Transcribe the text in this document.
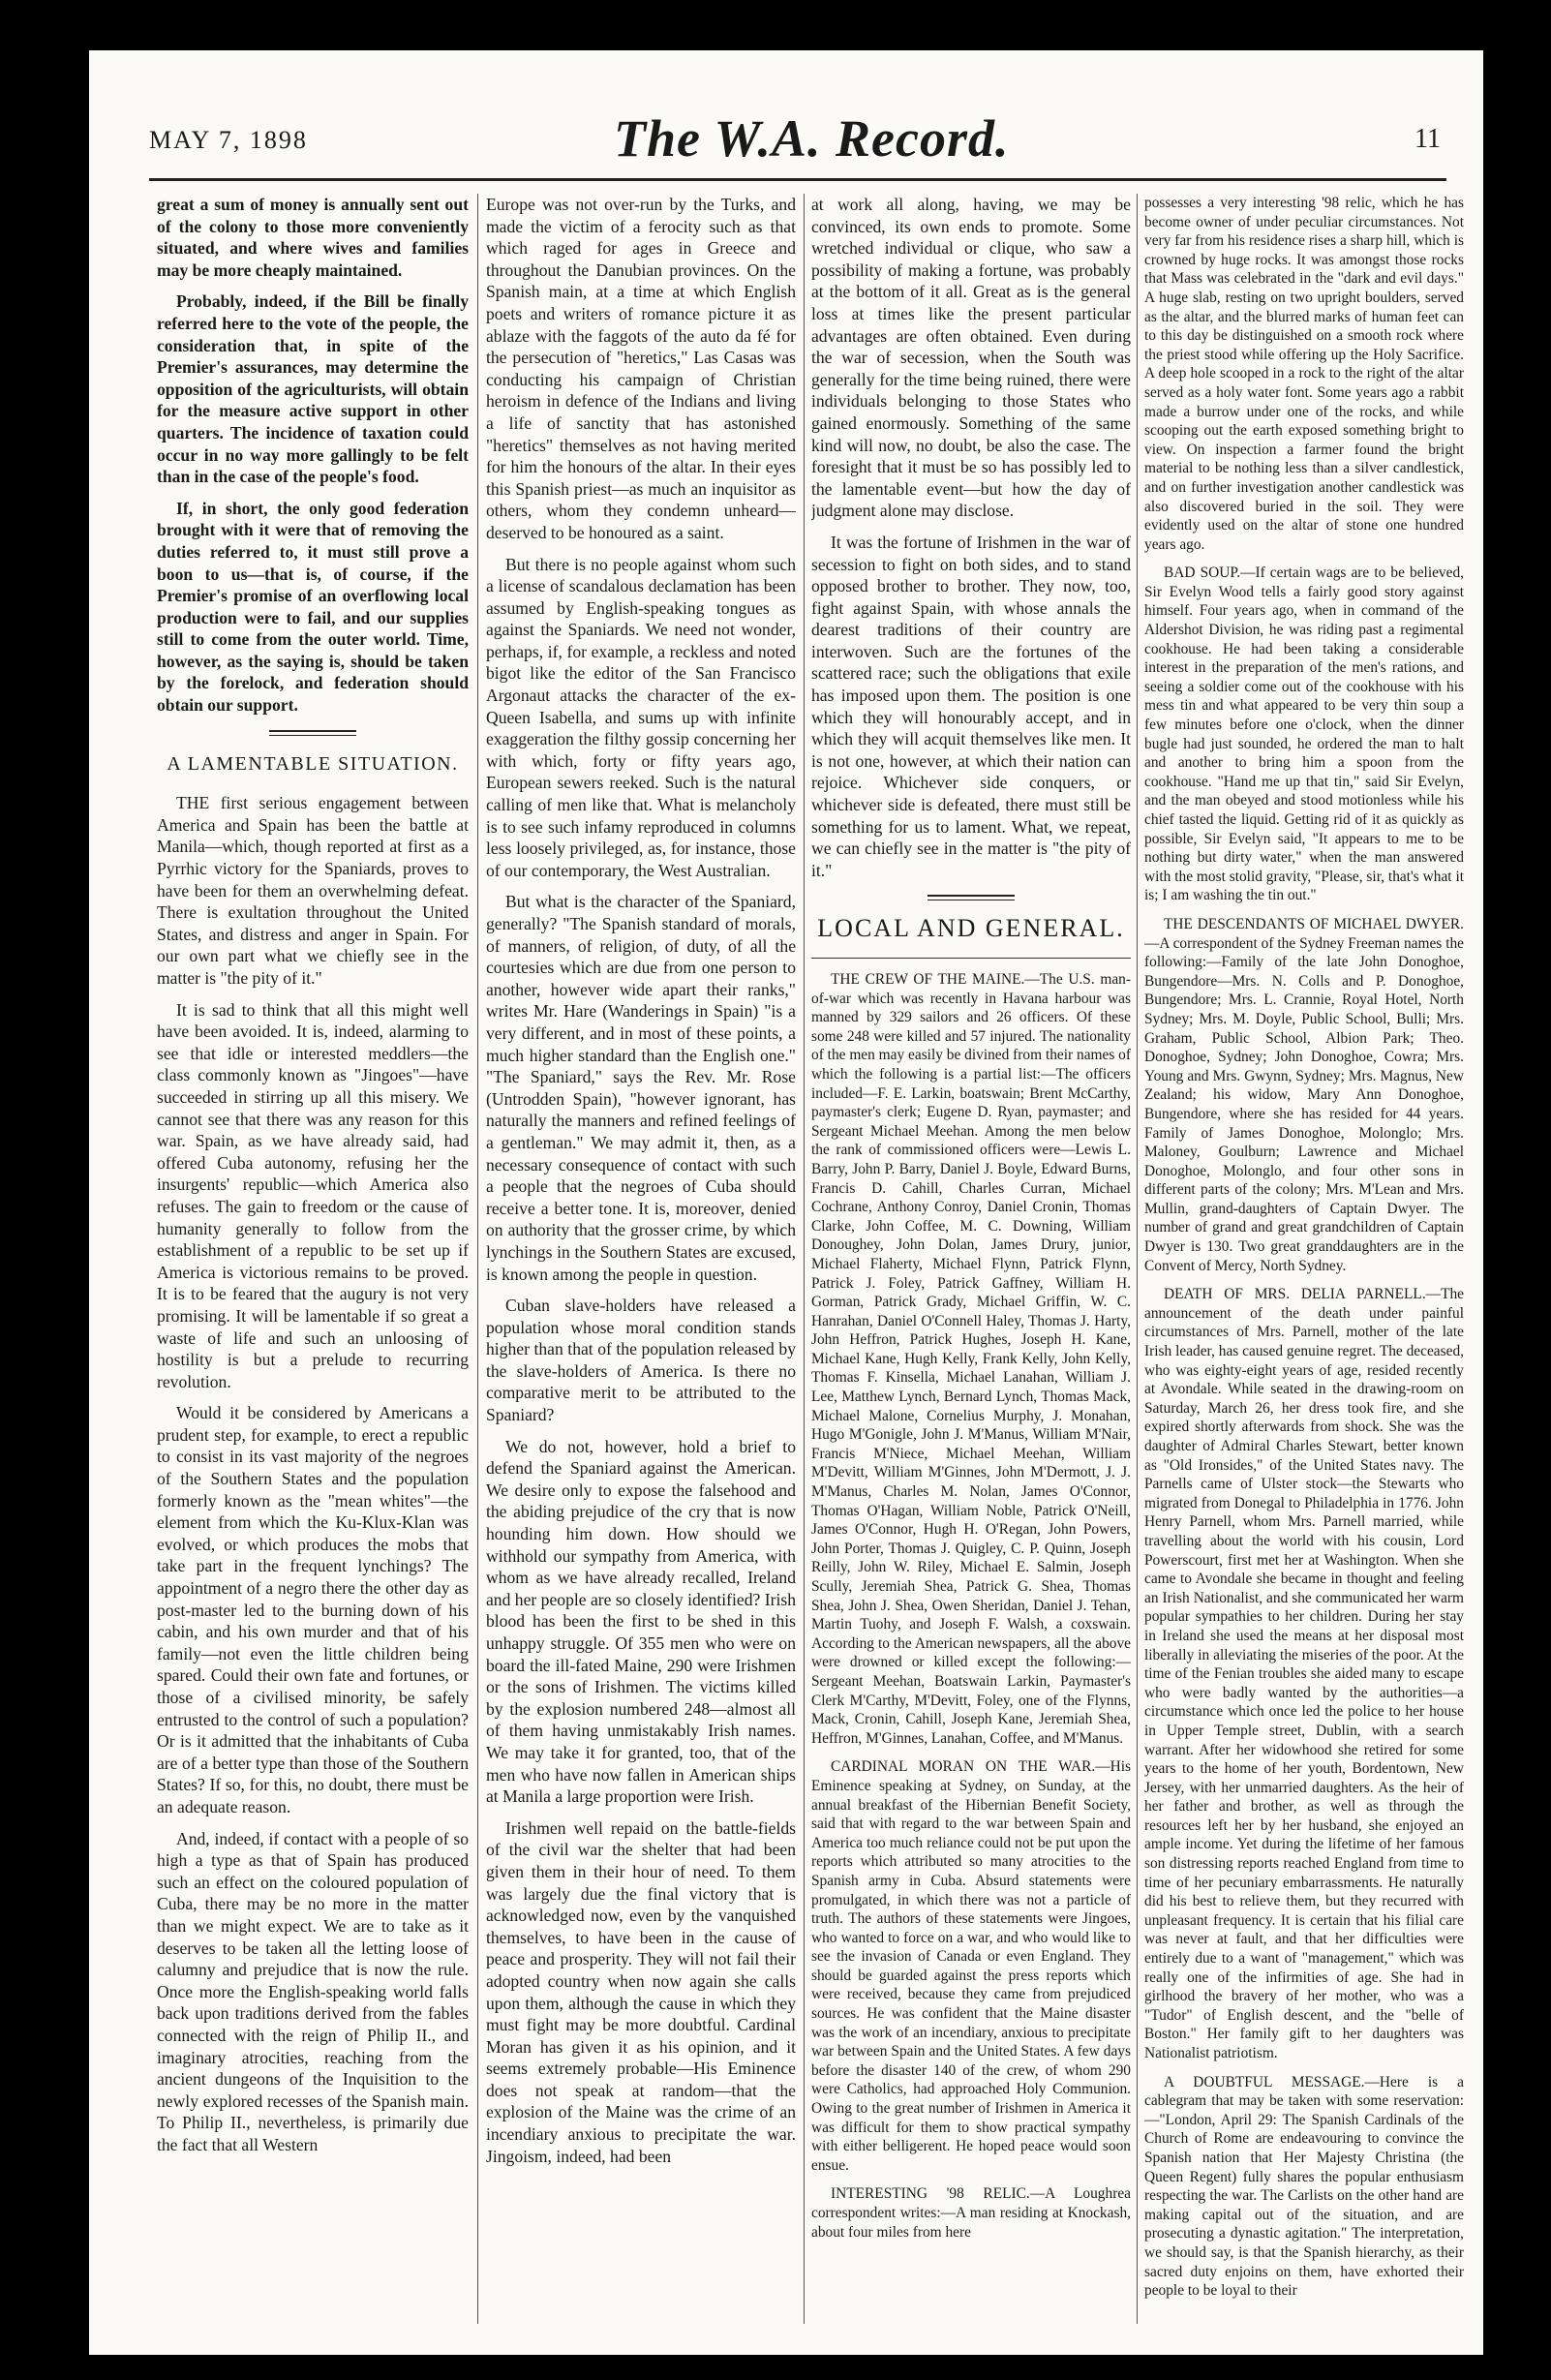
MAY 7, 1898	The W.A. Record.	11

great a sum of money is annually sent out of the colony to those more conveniently situated, and where wives and families may be more cheaply maintained.

Probably, indeed, if the Bill be finally referred here to the vote of the people, the consideration that, in spite of the Premier's assurances, may determine the opposition of the agriculturists, will obtain for the measure active support in other quarters. The incidence of taxation could occur in no way more gallingly to be felt than in the case of the people's food.

If, in short, the only good federation brought with it were that of removing the duties referred to, it must still prove a boon to us—that is, of course, if the Premier's promise of an overflowing local production were to fail, and our supplies still to come from the outer world. Time, however, as the saying is, should be taken by the forelock, and federation should obtain our support.

A LAMENTABLE SITUATION.

THE first serious engagement between America and Spain has been the battle at Manila—which, though reported at first as a Pyrrhic victory for the Spaniards, proves to have been for them an overwhelming defeat. There is exultation throughout the United States, and distress and anger in Spain. For our own part what we chiefly see in the matter is "the pity of it."

It is sad to think that all this might well have been avoided. It is, indeed, alarming to see that idle or interested meddlers—the class commonly known as "Jingoes"—have succeeded in stirring up all this misery. We cannot see that there was any reason for this war. Spain, as we have already said, had offered Cuba autonomy, refusing her the insurgents' republic—which America also refuses. The gain to freedom or the cause of humanity generally to follow from the establishment of a republic to be set up if America is victorious remains to be proved. It is to be feared that the augury is not very promising. It will be lamentable if so great a waste of life and such an unloosing of hostility is but a prelude to recurring revolution.

Would it be considered by Americans a prudent step, for example, to erect a republic to consist in its vast majority of the negroes of the Southern States and the population formerly known as the "mean whites"—the element from which the Ku-Klux-Klan was evolved, or which produces the mobs that take part in the frequent lynchings? The appointment of a negro there the other day as post-master led to the burning down of his cabin, and his own murder and that of his family—not even the little children being spared. Could their own fate and fortunes, or those of a civilised minority, be safely entrusted to the control of such a population? Or is it admitted that the inhabitants of Cuba are of a better type than those of the Southern States? If so, for this, no doubt, there must be an adequate reason.

And, indeed, if contact with a people of so high a type as that of Spain has produced such an effect on the coloured population of Cuba, there may be no more in the matter than we might expect. We are to take as it deserves to be taken all the letting loose of calumny and prejudice that is now the rule. Once more the English-speaking world falls back upon traditions derived from the fables connected with the reign of Philip II., and imaginary atrocities, reaching from the ancient dungeons of the Inquisition to the newly explored recesses of the Spanish main. To Philip II., nevertheless, is primarily due the fact that all Western

Europe was not over-run by the Turks, and made the victim of a ferocity such as that which raged for ages in Greece and throughout the Danubian provinces. On the Spanish main, at a time at which English poets and writers of romance picture it as ablaze with the faggots of the auto da fé for the persecution of "heretics," Las Casas was conducting his campaign of Christian heroism in defence of the Indians and living a life of sanctity that has astonished "heretics" themselves as not having merited for him the honours of the altar. In their eyes this Spanish priest—as much an inquisitor as others, whom they condemn unheard—deserved to be honoured as a saint.

But there is no people against whom such a license of scandalous declamation has been assumed by English-speaking tongues as against the Spaniards. We need not wonder, perhaps, if, for example, a reckless and noted bigot like the editor of the San Francisco Argonaut attacks the character of the ex-Queen Isabella, and sums up with infinite exaggeration the filthy gossip concerning her with which, forty or fifty years ago, European sewers reeked. Such is the natural calling of men like that. What is melancholy is to see such infamy reproduced in columns less loosely privileged, as, for instance, those of our contemporary, the West Australian.

But what is the character of the Spaniard, generally? "The Spanish standard of morals, of manners, of religion, of duty, of all the courtesies which are due from one person to another, however wide apart their ranks," writes Mr. Hare (Wanderings in Spain) "is a very different, and in most of these points, a much higher standard than the English one." "The Spaniard," says the Rev. Mr. Rose (Untrodden Spain), "however ignorant, has naturally the manners and refined feelings of a gentleman." We may admit it, then, as a necessary consequence of contact with such a people that the negroes of Cuba should receive a better tone. It is, moreover, denied on authority that the grosser crime, by which lynchings in the Southern States are excused, is known among the people in question.

Cuban slave-holders have released a population whose moral condition stands higher than that of the population released by the slave-holders of America. Is there no comparative merit to be attributed to the Spaniard?

We do not, however, hold a brief to defend the Spaniard against the American. We desire only to expose the falsehood and the abiding prejudice of the cry that is now hounding him down. How should we withhold our sympathy from America, with whom as we have already recalled, Ireland and her people are so closely identified? Irish blood has been the first to be shed in this unhappy struggle. Of 355 men who were on board the ill-fated Maine, 290 were Irishmen or the sons of Irishmen. The victims killed by the explosion numbered 248—almost all of them having unmistakably Irish names. We may take it for granted, too, that of the men who have now fallen in American ships at Manila a large proportion were Irish.

Irishmen well repaid on the battle-fields of the civil war the shelter that had been given them in their hour of need. To them was largely due the final victory that is acknowledged now, even by the vanquished themselves, to have been in the cause of peace and prosperity. They will not fail their adopted country when now again she calls upon them, although the cause in which they must fight may be more doubtful. Cardinal Moran has given it as his opinion, and it seems extremely probable—His Eminence does not speak at random—that the explosion of the Maine was the crime of an incendiary anxious to precipitate the war. Jingoism, indeed, had been

at work all along, having, we may be convinced, its own ends to promote. Some wretched individual or clique, who saw a possibility of making a fortune, was probably at the bottom of it all. Great as is the general loss at times like the present particular advantages are often obtained. Even during the war of secession, when the South was generally for the time being ruined, there were individuals belonging to those States who gained enormously. Something of the same kind will now, no doubt, be also the case. The foresight that it must be so has possibly led to the lamentable event—but how the day of judgment alone may disclose.

It was the fortune of Irishmen in the war of secession to fight on both sides, and to stand opposed brother to brother. They now, too, fight against Spain, with whose annals the dearest traditions of their country are interwoven. Such are the fortunes of the scattered race; such the obligations that exile has imposed upon them. The position is one which they will honourably accept, and in which they will acquit themselves like men. It is not one, however, at which their nation can rejoice. Whichever side conquers, or whichever side is defeated, there must still be something for us to lament. What, we repeat, we can chiefly see in the matter is "the pity of it."

LOCAL AND GENERAL.

THE CREW OF THE MAINE.—The U.S. man-of-war which was recently in Havana harbour was manned by 329 sailors and 26 officers. Of these some 248 were killed and 57 injured. The nationality of the men may easily be divined from their names of which the following is a partial list:—The officers included—F. E. Larkin, boatswain; Brent McCarthy, paymaster's clerk; Eugene D. Ryan, paymaster; and Sergeant Michael Meehan. Among the men below the rank of commissioned officers were—Lewis L. Barry, John P. Barry, Daniel J. Boyle, Edward Burns, Francis D. Cahill, Charles Curran, Michael Cochrane, Anthony Conroy, Daniel Cronin, Thomas Clarke, John Coffee, M. C. Downing, William Donoughey, John Dolan, James Drury, junior, Michael Flaherty, Michael Flynn, Patrick Flynn, Patrick J. Foley, Patrick Gaffney, William H. Gorman, Patrick Grady, Michael Griffin, W. C. Hanrahan, Daniel O'Connell Haley, Thomas J. Harty, John Heffron, Patrick Hughes, Joseph H. Kane, Michael Kane, Hugh Kelly, Frank Kelly, John Kelly, Thomas F. Kinsella, Michael Lanahan, William J. Lee, Matthew Lynch, Bernard Lynch, Thomas Mack, Michael Malone, Cornelius Murphy, J. Monahan, Hugo M'Gonigle, John J. M'Manus, William M'Nair, Francis M'Niece, Michael Meehan, William M'Devitt, William M'Ginnes, John M'Dermott, J. J. M'Manus, Charles M. Nolan, James O'Connor, Thomas O'Hagan, William Noble, Patrick O'Neill, James O'Connor, Hugh H. O'Regan, John Powers, John Porter, Thomas J. Quigley, C. P. Quinn, Joseph Reilly, John W. Riley, Michael E. Salmin, Joseph Scully, Jeremiah Shea, Patrick G. Shea, Thomas Shea, John J. Shea, Owen Sheridan, Daniel J. Tehan, Martin Tuohy, and Joseph F. Walsh, a coxswain. According to the American newspapers, all the above were drowned or killed except the following:—Sergeant Meehan, Boatswain Larkin, Paymaster's Clerk M'Carthy, M'Devitt, Foley, one of the Flynns, Mack, Cronin, Cahill, Joseph Kane, Jeremiah Shea, Heffron, M'Ginnes, Lanahan, Coffee, and M'Manus.

CARDINAL MORAN ON THE WAR.—His Eminence speaking at Sydney, on Sunday, at the annual breakfast of the Hibernian Benefit Society, said that with regard to the war between Spain and America too much reliance could not be put upon the reports which attributed so many atrocities to the Spanish army in Cuba. Absurd statements were promulgated, in which there was not a particle of truth. The authors of these statements were Jingoes, who wanted to force on a war, and who would like to see the invasion of Canada or even England. They should be guarded against the press reports which were received, because they came from prejudiced sources. He was confident that the Maine disaster was the work of an incendiary, anxious to precipitate war between Spain and the United States. A few days before the disaster 140 of the crew, of whom 290 were Catholics, had approached Holy Communion. Owing to the great number of Irishmen in America it was difficult for them to show practical sympathy with either belligerent. He hoped peace would soon ensue.

INTERESTING '98 RELIC.—A Loughrea correspondent writes:—A man residing at Knockash, about four miles from here

possesses a very interesting '98 relic, which he has become owner of under peculiar circumstances. Not very far from his residence rises a sharp hill, which is crowned by huge rocks. It was amongst those rocks that Mass was celebrated in the "dark and evil days." A huge slab, resting on two upright boulders, served as the altar, and the blurred marks of human feet can to this day be distinguished on a smooth rock where the priest stood while offering up the Holy Sacrifice. A deep hole scooped in a rock to the right of the altar served as a holy water font. Some years ago a rabbit made a burrow under one of the rocks, and while scooping out the earth exposed something bright to view. On inspection a farmer found the bright material to be nothing less than a silver candlestick, and on further investigation another candlestick was also discovered buried in the soil. They were evidently used on the altar of stone one hundred years ago.

BAD SOUP.—If certain wags are to be believed, Sir Evelyn Wood tells a fairly good story against himself. Four years ago, when in command of the Aldershot Division, he was riding past a regimental cookhouse. He had been taking a considerable interest in the preparation of the men's rations, and seeing a soldier come out of the cookhouse with his mess tin and what appeared to be very thin soup a few minutes before one o'clock, when the dinner bugle had just sounded, he ordered the man to halt and another to bring him a spoon from the cookhouse. "Hand me up that tin," said Sir Evelyn, and the man obeyed and stood motionless while his chief tasted the liquid. Getting rid of it as quickly as possible, Sir Evelyn said, "It appears to me to be nothing but dirty water," when the man answered with the most stolid gravity, "Please, sir, that's what it is; I am washing the tin out."

THE DESCENDANTS OF MICHAEL DWYER.—A correspondent of the Sydney Freeman names the following:—Family of the late John Donoghoe, Bungendore—Mrs. N. Colls and P. Donoghoe, Bungendore; Mrs. L. Crannie, Royal Hotel, North Sydney; Mrs. M. Doyle, Public School, Bulli; Mrs. Graham, Public School, Albion Park; Theo. Donoghoe, Sydney; John Donoghoe, Cowra; Mrs. Young and Mrs. Gwynn, Sydney; Mrs. Magnus, New Zealand; his widow, Mary Ann Donoghoe, Bungendore, where she has resided for 44 years. Family of James Donoghoe, Molonglo; Mrs. Maloney, Goulburn; Lawrence and Michael Donoghoe, Molonglo, and four other sons in different parts of the colony; Mrs. M'Lean and Mrs. Mullin, grand-daughters of Captain Dwyer. The number of grand and great grandchildren of Captain Dwyer is 130. Two great granddaughters are in the Convent of Mercy, North Sydney.

DEATH OF MRS. DELIA PARNELL.—The announcement of the death under painful circumstances of Mrs. Parnell, mother of the late Irish leader, has caused genuine regret. The deceased, who was eighty-eight years of age, resided recently at Avondale. While seated in the drawing-room on Saturday, March 26, her dress took fire, and she expired shortly afterwards from shock. She was the daughter of Admiral Charles Stewart, better known as "Old Ironsides," of the United States navy. The Parnells came of Ulster stock—the Stewarts who migrated from Donegal to Philadelphia in 1776. John Henry Parnell, whom Mrs. Parnell married, while travelling about the world with his cousin, Lord Powerscourt, first met her at Washington. When she came to Avondale she became in thought and feeling an Irish Nationalist, and she communicated her warm popular sympathies to her children. During her stay in Ireland she used the means at her disposal most liberally in alleviating the miseries of the poor. At the time of the Fenian troubles she aided many to escape who were badly wanted by the authorities—a circumstance which once led the police to her house in Upper Temple street, Dublin, with a search warrant. After her widowhood she retired for some years to the home of her youth, Bordentown, New Jersey, with her unmarried daughters. As the heir of her father and brother, as well as through the resources left her by her husband, she enjoyed an ample income. Yet during the lifetime of her famous son distressing reports reached England from time to time of her pecuniary embarrassments. He naturally did his best to relieve them, but they recurred with unpleasant frequency. It is certain that his filial care was never at fault, and that her difficulties were entirely due to a want of "management," which was really one of the infirmities of age. She had in girlhood the bravery of her mother, who was a "Tudor" of English descent, and the "belle of Boston." Her family gift to her daughters was Nationalist patriotism.

A DOUBTFUL MESSAGE.—Here is a cablegram that may be taken with some reservation:—"London, April 29: The Spanish Cardinals of the Church of Rome are endeavouring to convince the Spanish nation that Her Majesty Christina (the Queen Regent) fully shares the popular enthusiasm respecting the war. The Carlists on the other hand are making capital out of the situation, and are prosecuting a dynastic agitation." The interpretation, we should say, is that the Spanish hierarchy, as their sacred duty enjoins on them, have exhorted their people to be loyal to their
